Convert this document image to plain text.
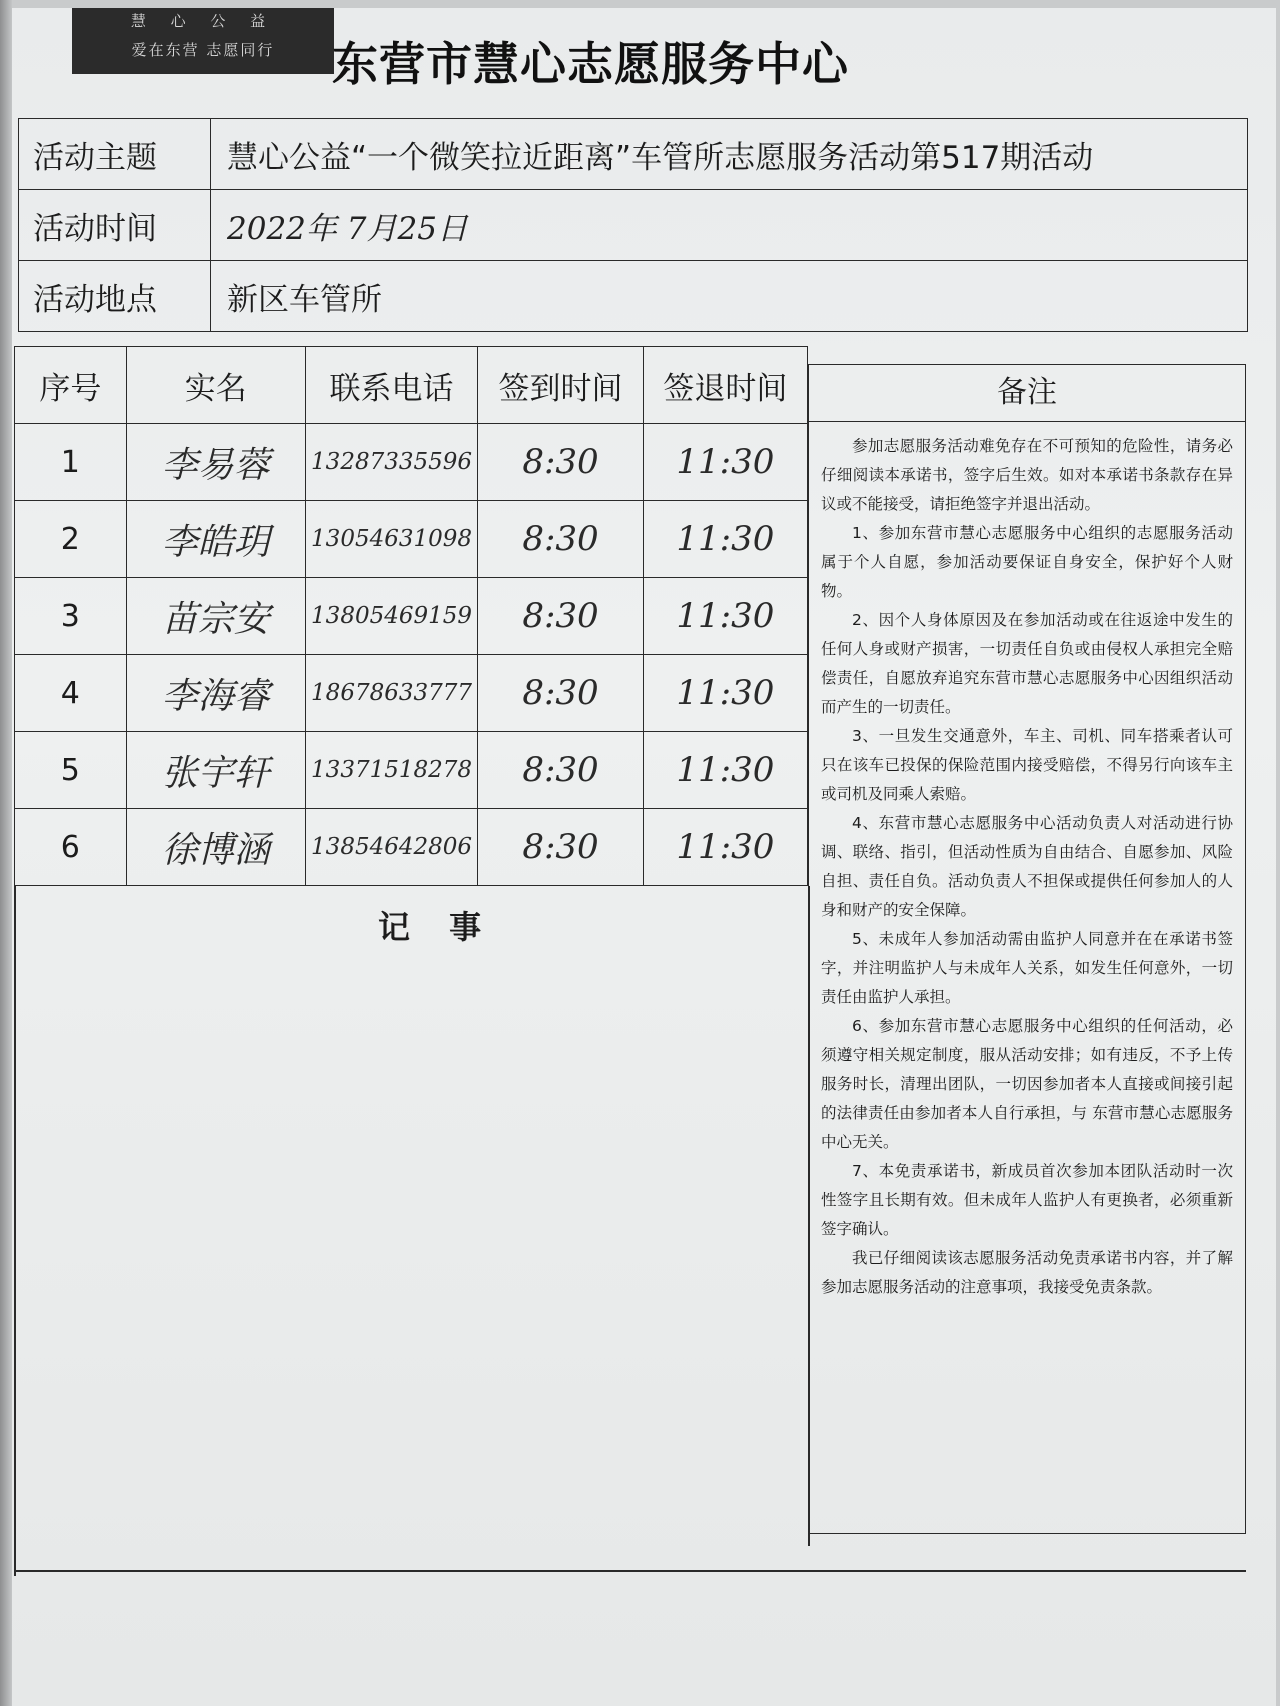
慧 心 公 益
爱在东营 志愿同行	东营市慧心志愿服务中心
活动主题	慧心公益“一个微笑拉近距离”车管所志愿服务活动第517期活动
活动时间	2022年 7月25日
活动地点	新区车管所
序号	实名	联系电话	签到时间	签退时间
1	李易蓉	13287335596	8:30	11:30
2	李皓玥	13054631098	8:30	11:30
3	苗宗安	13805469159	8:30	11:30
4	李海睿	18678633777	8:30	11:30
5	张宇轩	13371518278	8:30	11:30
6	徐博涵	13854642806	8:30	11:30
备注

参加志愿服务活动难免存在不可预知的危险性，请务必仔细阅读本承诺书，签字后生效。如对本承诺书条款存在异议或不能接受，请拒绝签字并退出活动。

1、参加东营市慧心志愿服务中心组织的志愿服务活动属于个人自愿，参加活动要保证自身安全，保护好个人财物。

2、因个人身体原因及在参加活动或在往返途中发生的任何人身或财产损害，一切责任自负或由侵权人承担完全赔偿责任，自愿放弃追究东营市慧心志愿服务中心因组织活动而产生的一切责任。

3、一旦发生交通意外，车主、司机、同车搭乘者认可只在该车已投保的保险范围内接受赔偿，不得另行向该车主或司机及同乘人索赔。

4、东营市慧心志愿服务中心活动负责人对活动进行协调、联络、指引，但活动性质为自由结合、自愿参加、风险自担、责任自负。活动负责人不担保或提供任何参加人的人身和财产的安全保障。

5、未成年人参加活动需由监护人同意并在在承诺书签字，并注明监护人与未成年人关系，如发生任何意外，一切责任由监护人承担。

6、参加东营市慧心志愿服务中心组织的任何活动，必须遵守相关规定制度，服从活动安排；如有违反，不予上传服务时长，清理出团队，一切因参加者本人直接或间接引起的法律责任由参加者本人自行承担，与 东营市慧心志愿服务中心无关。

7、本免责承诺书，新成员首次参加本团队活动时一次性签字且长期有效。但未成年人监护人有更换者，必须重新签字确认。

我已仔细阅读该志愿服务活动免责承诺书内容，并了解参加志愿服务活动的注意事项，我接受免责条款。

记 事
